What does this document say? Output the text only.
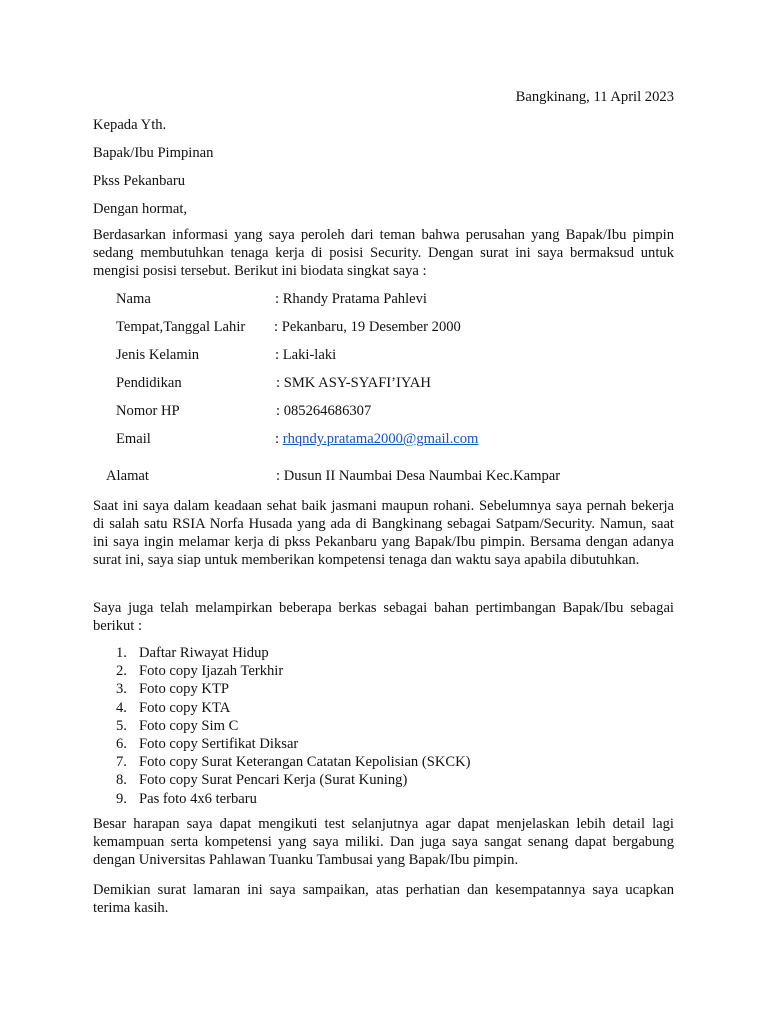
Bangkinang, 11 April 2023

Kepada Yth.

Bapak/Ibu Pimpinan

Pkss Pekanbaru

Dengan hormat,

Berdasarkan informasi yang saya peroleh dari teman bahwa perusahan yang Bapak/Ibu pimpin sedang membutuhkan tenaga kerja di posisi Security. Dengan surat ini saya bermaksud untuk mengisi posisi tersebut. Berikut ini biodata singkat saya :

Nama	: Rhandy Pratama Pahlevi
Tempat,Tanggal Lahir : Pekanbaru, 19 Desember 2000
Jenis Kelamin	: Laki-laki
Pendidikan	: SMK ASY-SYAFI’IYAH
Nomor HP	: 085264686307
Email	: rhqndy.pratama2000@gmail.com
Alamat	: Dusun II Naumbai Desa Naumbai Kec.Kampar

Saat ini saya dalam keadaan sehat baik jasmani maupun rohani. Sebelumnya saya pernah bekerja di salah satu RSIA Norfa Husada yang ada di Bangkinang sebagai Satpam/Security. Namun, saat ini saya ingin melamar kerja di pkss Pekanbaru yang Bapak/Ibu pimpin. Bersama dengan adanya surat ini, saya siap untuk memberikan kompetensi tenaga dan waktu saya apabila dibutuhkan.

Saya juga telah melampirkan beberapa berkas sebagai bahan pertimbangan Bapak/Ibu sebagai berikut :

1. Daftar Riwayat Hidup
2. Foto copy Ijazah Terkhir
3. Foto copy KTP
4. Foto copy KTA
5. Foto copy Sim C
6. Foto copy Sertifikat Diksar
7. Foto copy Surat Keterangan Catatan Kepolisian (SKCK)
8. Foto copy Surat Pencari Kerja (Surat Kuning)
9. Pas foto 4x6 terbaru

Besar harapan saya dapat mengikuti test selanjutnya agar dapat menjelaskan lebih detail lagi kemampuan serta kompetensi yang saya miliki. Dan juga saya sangat senang dapat bergabung dengan Universitas Pahlawan Tuanku Tambusai yang Bapak/Ibu pimpin.

Demikian surat lamaran ini saya sampaikan, atas perhatian dan kesempatannya saya ucapkan terima kasih.
